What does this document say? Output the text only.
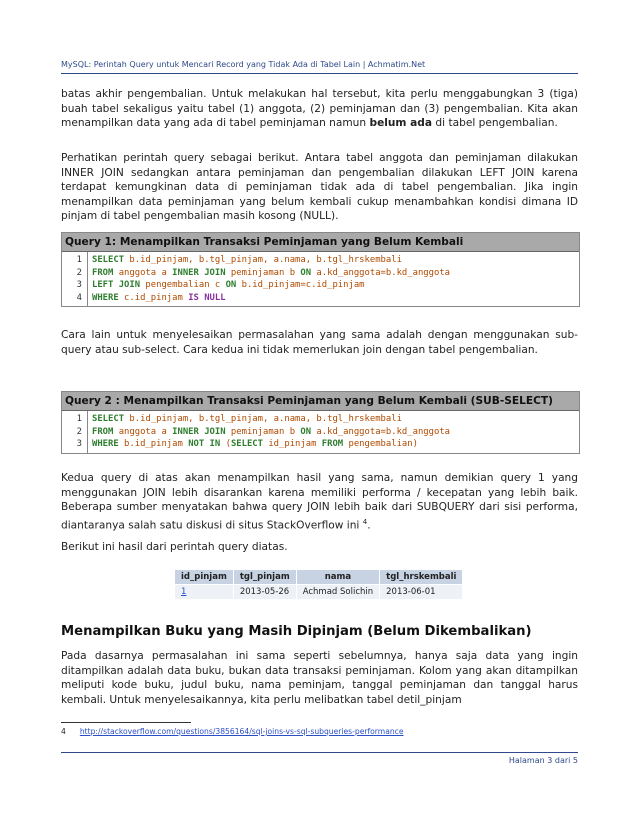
MySQL: Perintah Query untuk Mencari Record yang Tidak Ada di Tabel Lain | Achmatim.Net
batas akhir pengembalian. Untuk melakukan hal tersebut, kita perlu menggabungkan 3 (tiga) buah tabel sekaligus yaitu tabel (1) anggota, (2) peminjaman dan (3) pengembalian. Kita akan menampilkan data yang ada di tabel peminjaman namun belum ada di tabel pengembalian.
Perhatikan perintah query sebagai berikut. Antara tabel anggota dan peminjaman dilakukan INNER JOIN sedangkan antara peminjaman dan pengembalian dilakukan LEFT JOIN karena terdapat kemungkinan data di peminjaman tidak ada di tabel pengembalian. Jika ingin menampilkan data peminjaman yang belum kembali cukup menambahkan kondisi dimana ID pinjam di tabel pengembalian masih kosong (NULL).
Query 1: Menampilkan Transaksi Peminjaman yang Belum Kembali
1
2
3
4
SELECT b.id_pinjam, b.tgl_pinjam, a.nama, b.tgl_hrskembali
FROM anggota a INNER JOIN peminjaman b ON a.kd_anggota=b.kd_anggota
LEFT JOIN pengembalian c ON b.id_pinjam=c.id_pinjam
WHERE c.id_pinjam IS NULL
Cara lain untuk menyelesaikan permasalahan yang sama adalah dengan menggunakan sub-query atau sub-select. Cara kedua ini tidak memerlukan join dengan tabel pengembalian.
Query 2 : Menampilkan Transaksi Peminjaman yang Belum Kembali (SUB-SELECT)
1
2
3
SELECT b.id_pinjam, b.tgl_pinjam, a.nama, b.tgl_hrskembali
FROM anggota a INNER JOIN peminjaman b ON a.kd_anggota=b.kd_anggota
WHERE b.id_pinjam NOT IN (SELECT id_pinjam FROM pengembalian)
Kedua query di atas akan menampilkan hasil yang sama, namun demikian query 1 yang menggunakan JOIN lebih disarankan karena memiliki performa / kecepatan yang lebih baik. Beberapa sumber menyatakan bahwa query JOIN lebih baik dari SUBQUERY dari sisi performa, diantaranya salah satu diskusi di situs StackOverflow ini $^4$.
Berikut ini hasil dari perintah query diatas.
id_pinjam	tgl_pinjam	nama	tgl_hrskembali
1	2013-05-26	Achmad Solichin	2013-06-01
Menampilkan Buku yang Masih Dipinjam (Belum Dikembalikan)
Pada dasarnya permasalahan ini sama seperti sebelumnya, hanya saja data yang ingin ditampilkan adalah data buku, bukan data transaksi peminjaman. Kolom yang akan ditampilkan meliputi kode buku, judul buku, nama peminjam, tanggal peminjaman dan tanggal harus kembali. Untuk menyelesaikannya, kita perlu melibatkan tabel detil_pinjam
4 http://stackoverflow.com/questions/3856164/sql-joins-vs-sql-subqueries-performance
Halaman 3 dari 5
